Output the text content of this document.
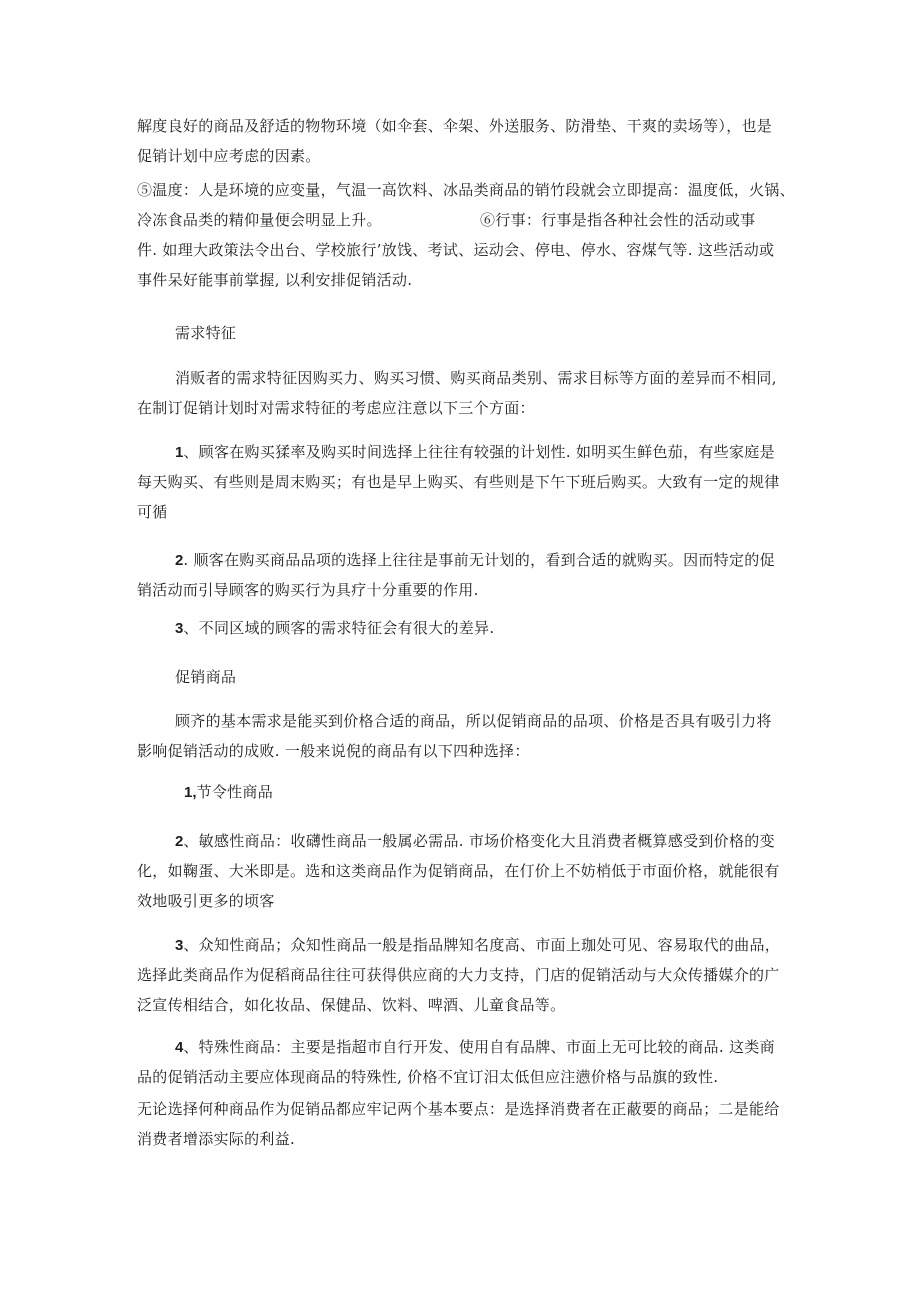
解度良好的商品及舒适的物物环境（如伞套、伞架、外送服务、防滑垫、干爽的卖场等），也是
促销计划中应考虑的因素。
⑤温度：人是环境的应变量，气温一高饮料、冰品类商品的销竹段就会立即提高：温度低，火锅、
冷冻食品类的精仰量便会明显上升。	⑥行事：行事是指各种社会性的活动或事
件. 如理大政策法令出台、学校旅行’放饯、考试、运动会、停电、停水、容煤气等. 这些活动或
事件呆好能事前掌握, 以利安排促销活动.
需求特征
消贩者的需求特征因购买力、购买习惯、购买商品类别、需求目标等方面的差异而不相同,
在制订促销计划时对需求特征的考虑应注意以下三个方面：
1、顾客在购买猱率及购买时间选择上往往有较强的计划性. 如明买生鲜色茄，有些家庭是
每天购买、有些则是周末购买；有也是早上购买、有些则是下午下班后购买。大致有一定的规律
可循
2. 顺客在购买商品品项的选择上往往是事前无计划的，看到合适的就购买。因而特定的促
销活动而引导顾客的购买行为具疗十分重要的作用.
3、不同区域的顾客的需求特征会有很大的差异.
促销商品
顾齐的基本需求是能买到价格合适的商品，所以促销商品的品项、价格是否具有吸引力将
影响促销活动的成败. 一般来说倪的商品有以下四种选择：
1,节令性商品
2、敏感性商品：收礴性商品一般属必需品. 市场价格变化大且消费者概算感受到价格的变
化，如鞠蛋、大米即是。选和这类商品作为促销商品，在仃价上不妨梢低于市面价格，就能很有
效地吸引更多的顷客
3、众知性商品；众知性商品一般是指品牌知名度高、市面上珈处可见、容易取代的曲品，
选择此类商品作为促稻商品往往可获得供应商的大力支持，门店的促销活动与大众传播媒介的广
泛宣传相结合，如化妆品、保健品、饮料、啤酒、儿童食品等。
4、特殊性商品：主要是指超市自行开发、使用自有品牌、市面上无可比较的商品. 这类商
品的促销活动主要应体现商品的特殊性, 价格不宜订汨太低但应注懑价格与品旗的致性.
无论选择何种商品作为促销品都应牢记两个基本要点：是选择消费者在正蔽要的商品；二是能给
消费者增添实际的利益.
